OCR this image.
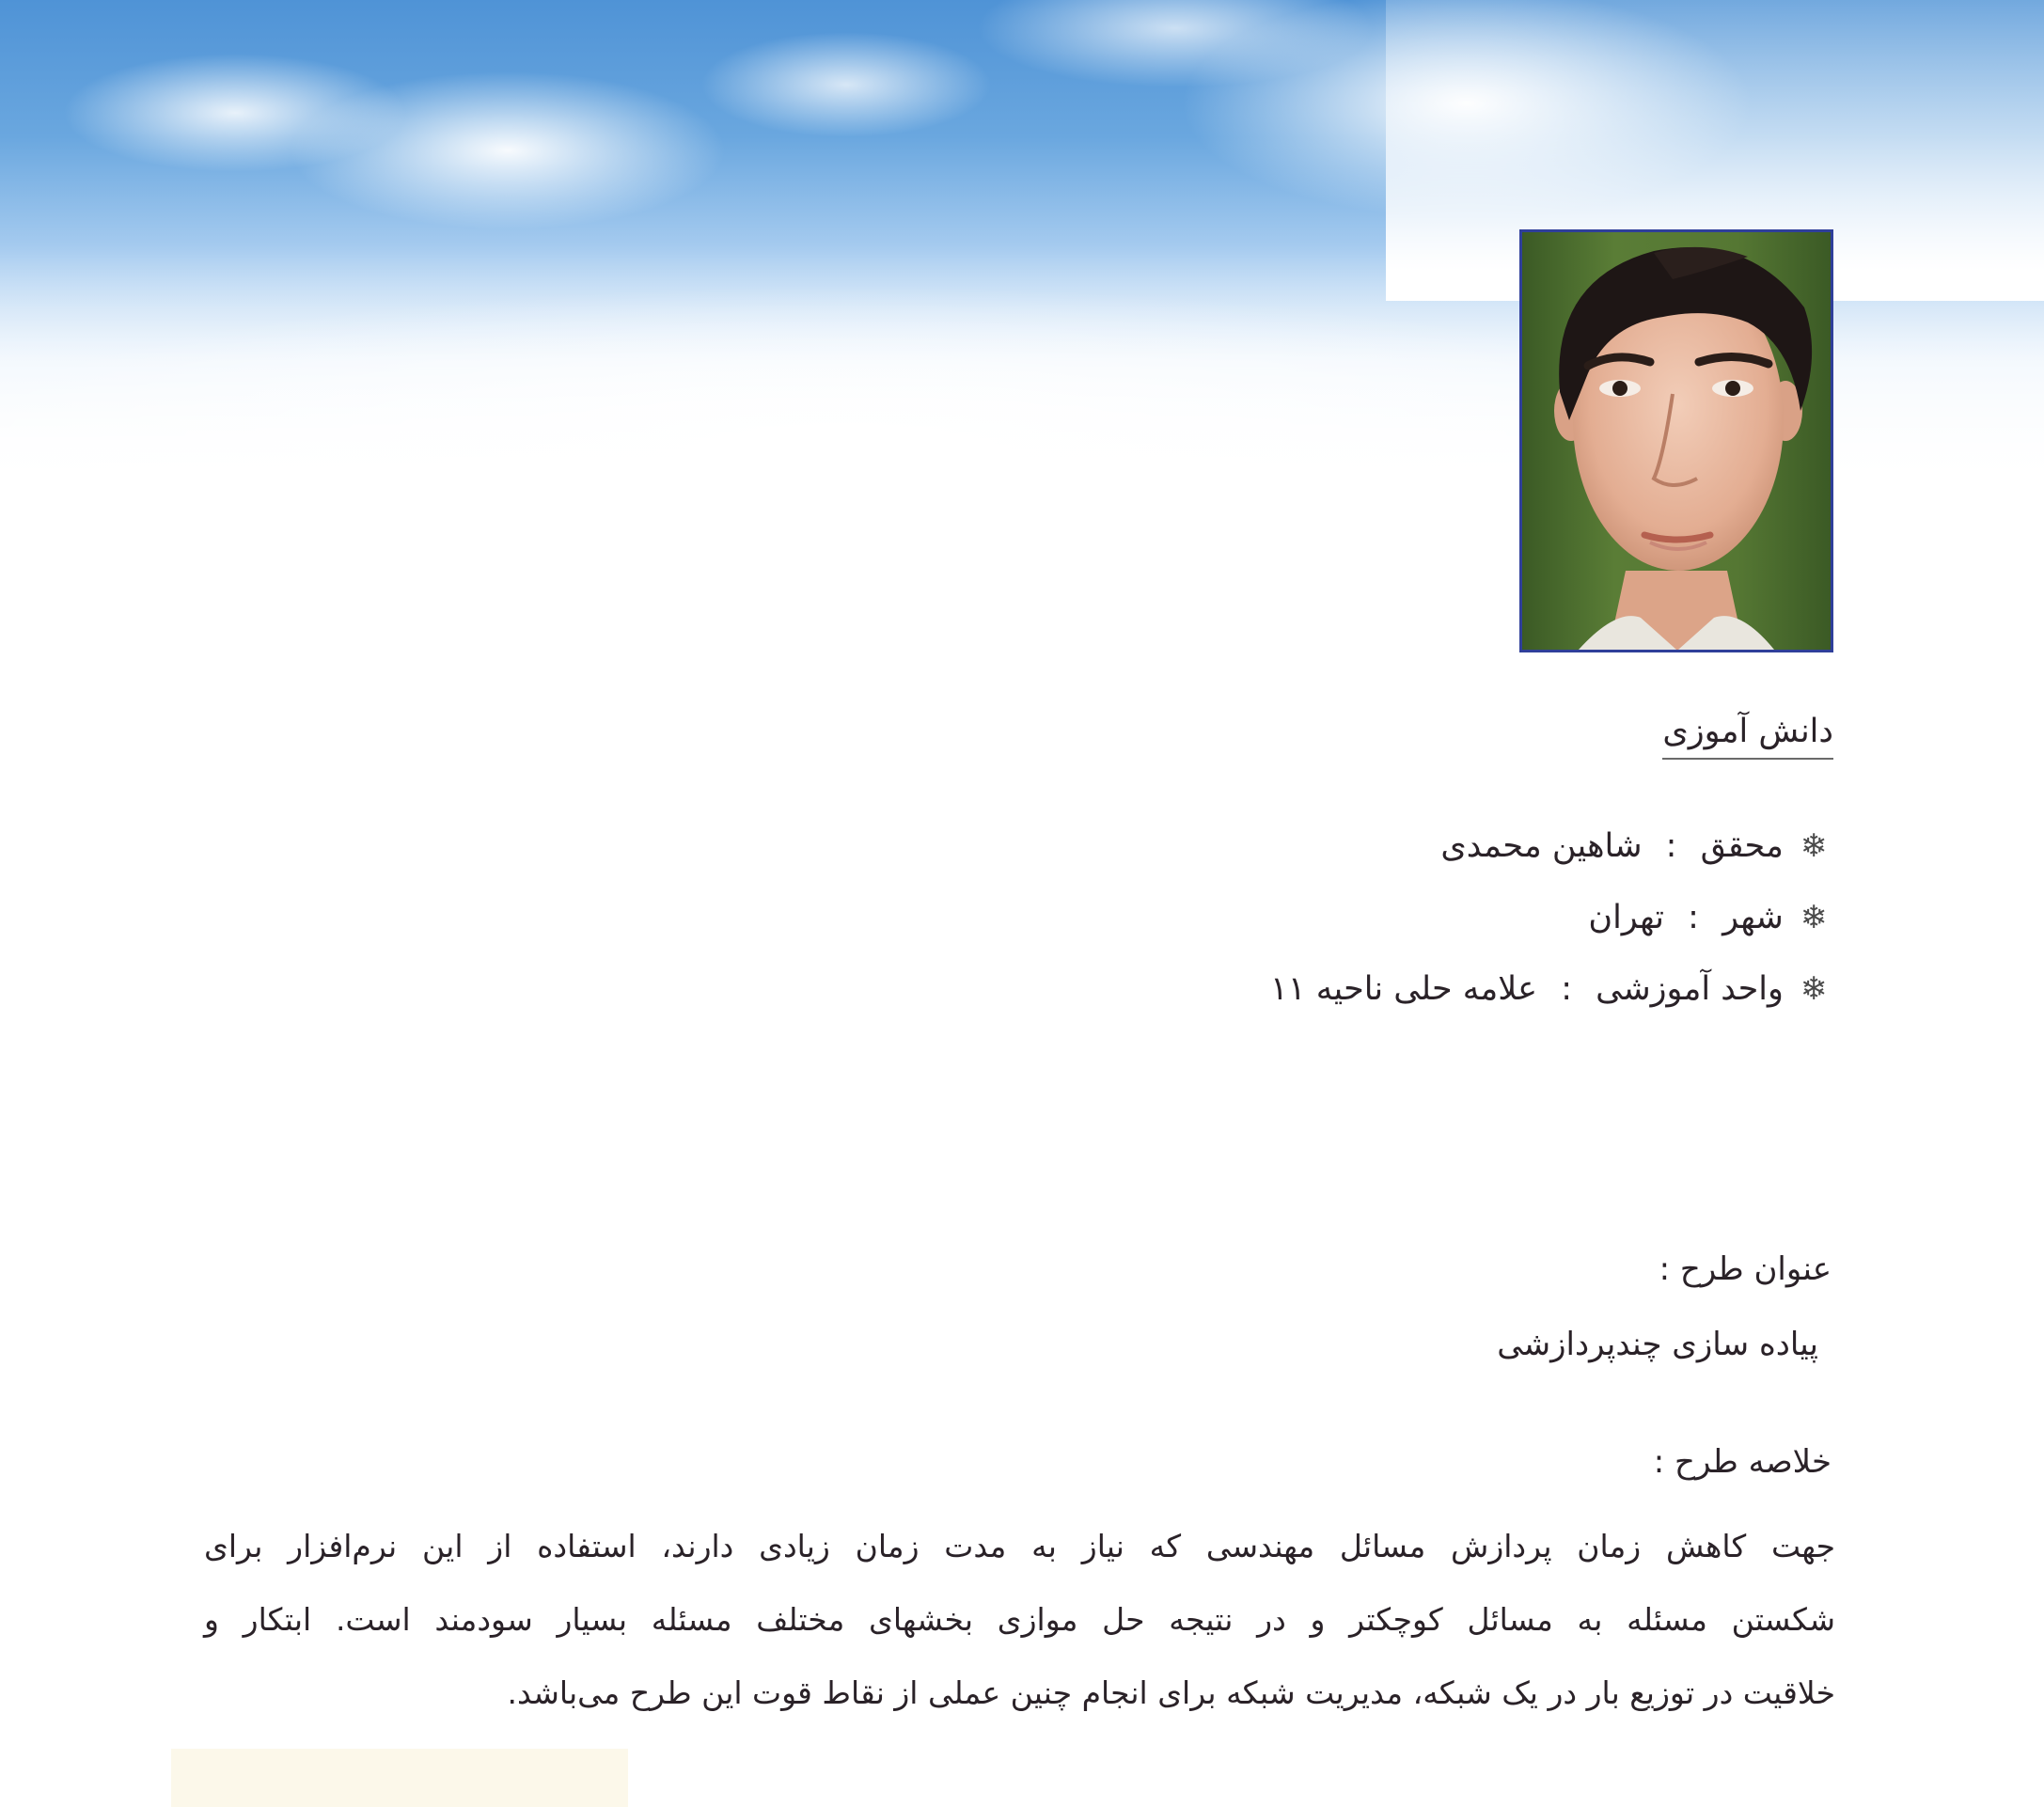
دانش آموزی
❄ محقق : شاهین محمدی
❄ شهر : تهران
❄ واحد آموزشی : علامه حلی ناحیه ۱۱
عنوان طرح :
پیاده سازی چندپردازشی
خلاصه طرح :
جهت کاهش زمان پردازش مسائل مهندسی که نیاز به مدت زمان زیادی دارند، استفاده از این نرم‌افزار برای
شکستن مسئله به مسائل کوچکتر و در نتیجه حل موازی بخشهای مختلف مسئله بسیار سودمند است. ابتکار و
خلاقیت در توزیع بار در یک شبکه، مدیریت شبکه برای انجام چنین عملی از نقاط قوت این طرح می‌باشد.
